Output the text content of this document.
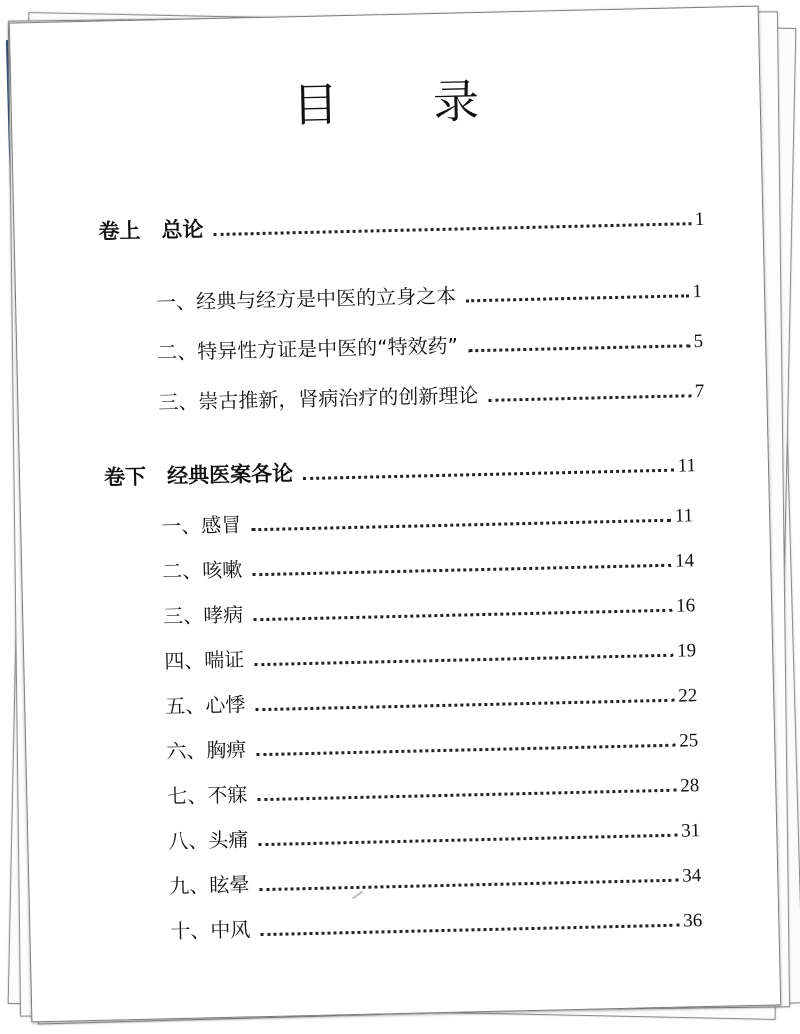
目 录
卷上　总论	1
一、经典与经方是中医的立身之本	1
二、特异性方证是中医的“特效药”	5
三、崇古推新，肾病治疗的创新理论	7
卷下　经典医案各论	11
一、感冒	11
二、咳嗽	14
三、哮病	16
四、喘证	19
五、心悸	22
六、胸痹	25
七、不寐	28
八、头痛	31
九、眩晕	34
十、中风	36
